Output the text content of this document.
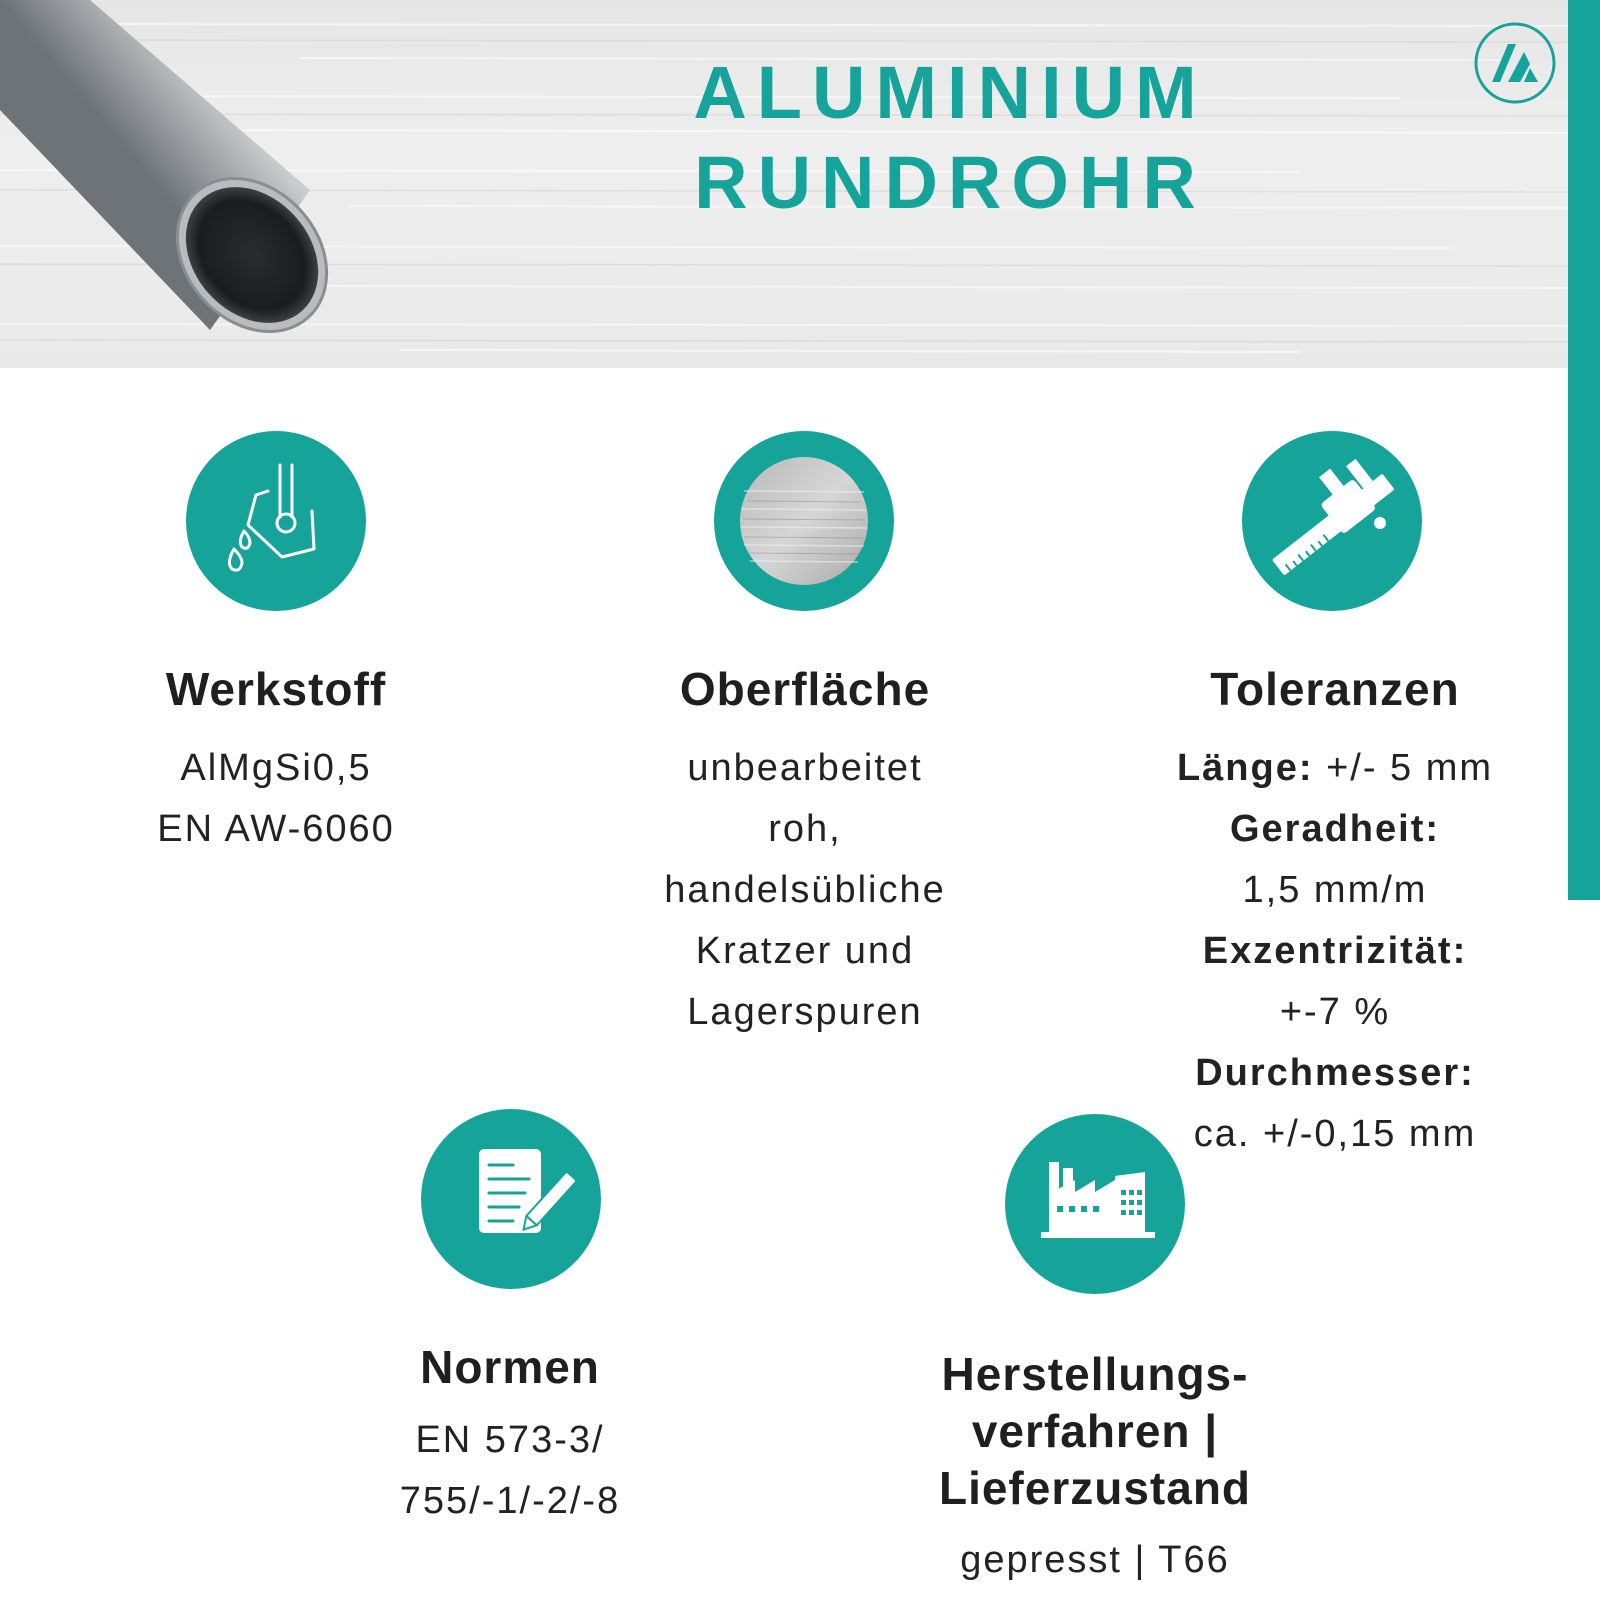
ALUMINIUM
RUNDROHR
Werkstoff
AlMgSi0,5
EN AW-6060
Oberfläche
unbearbeitet
roh,
handelsübliche
Kratzer und
Lagerspuren
Toleranzen
Länge: +/- 5 mm
Geradheit:
1,5 mm/m
Exzentrizität:
+-7 %
Durchmesser:
ca. +/-0,15 mm
Normen
EN 573-3/
755/-1/-2/-8
Herstellungs-
verfahren |
Lieferzustand
gepresst | T66
